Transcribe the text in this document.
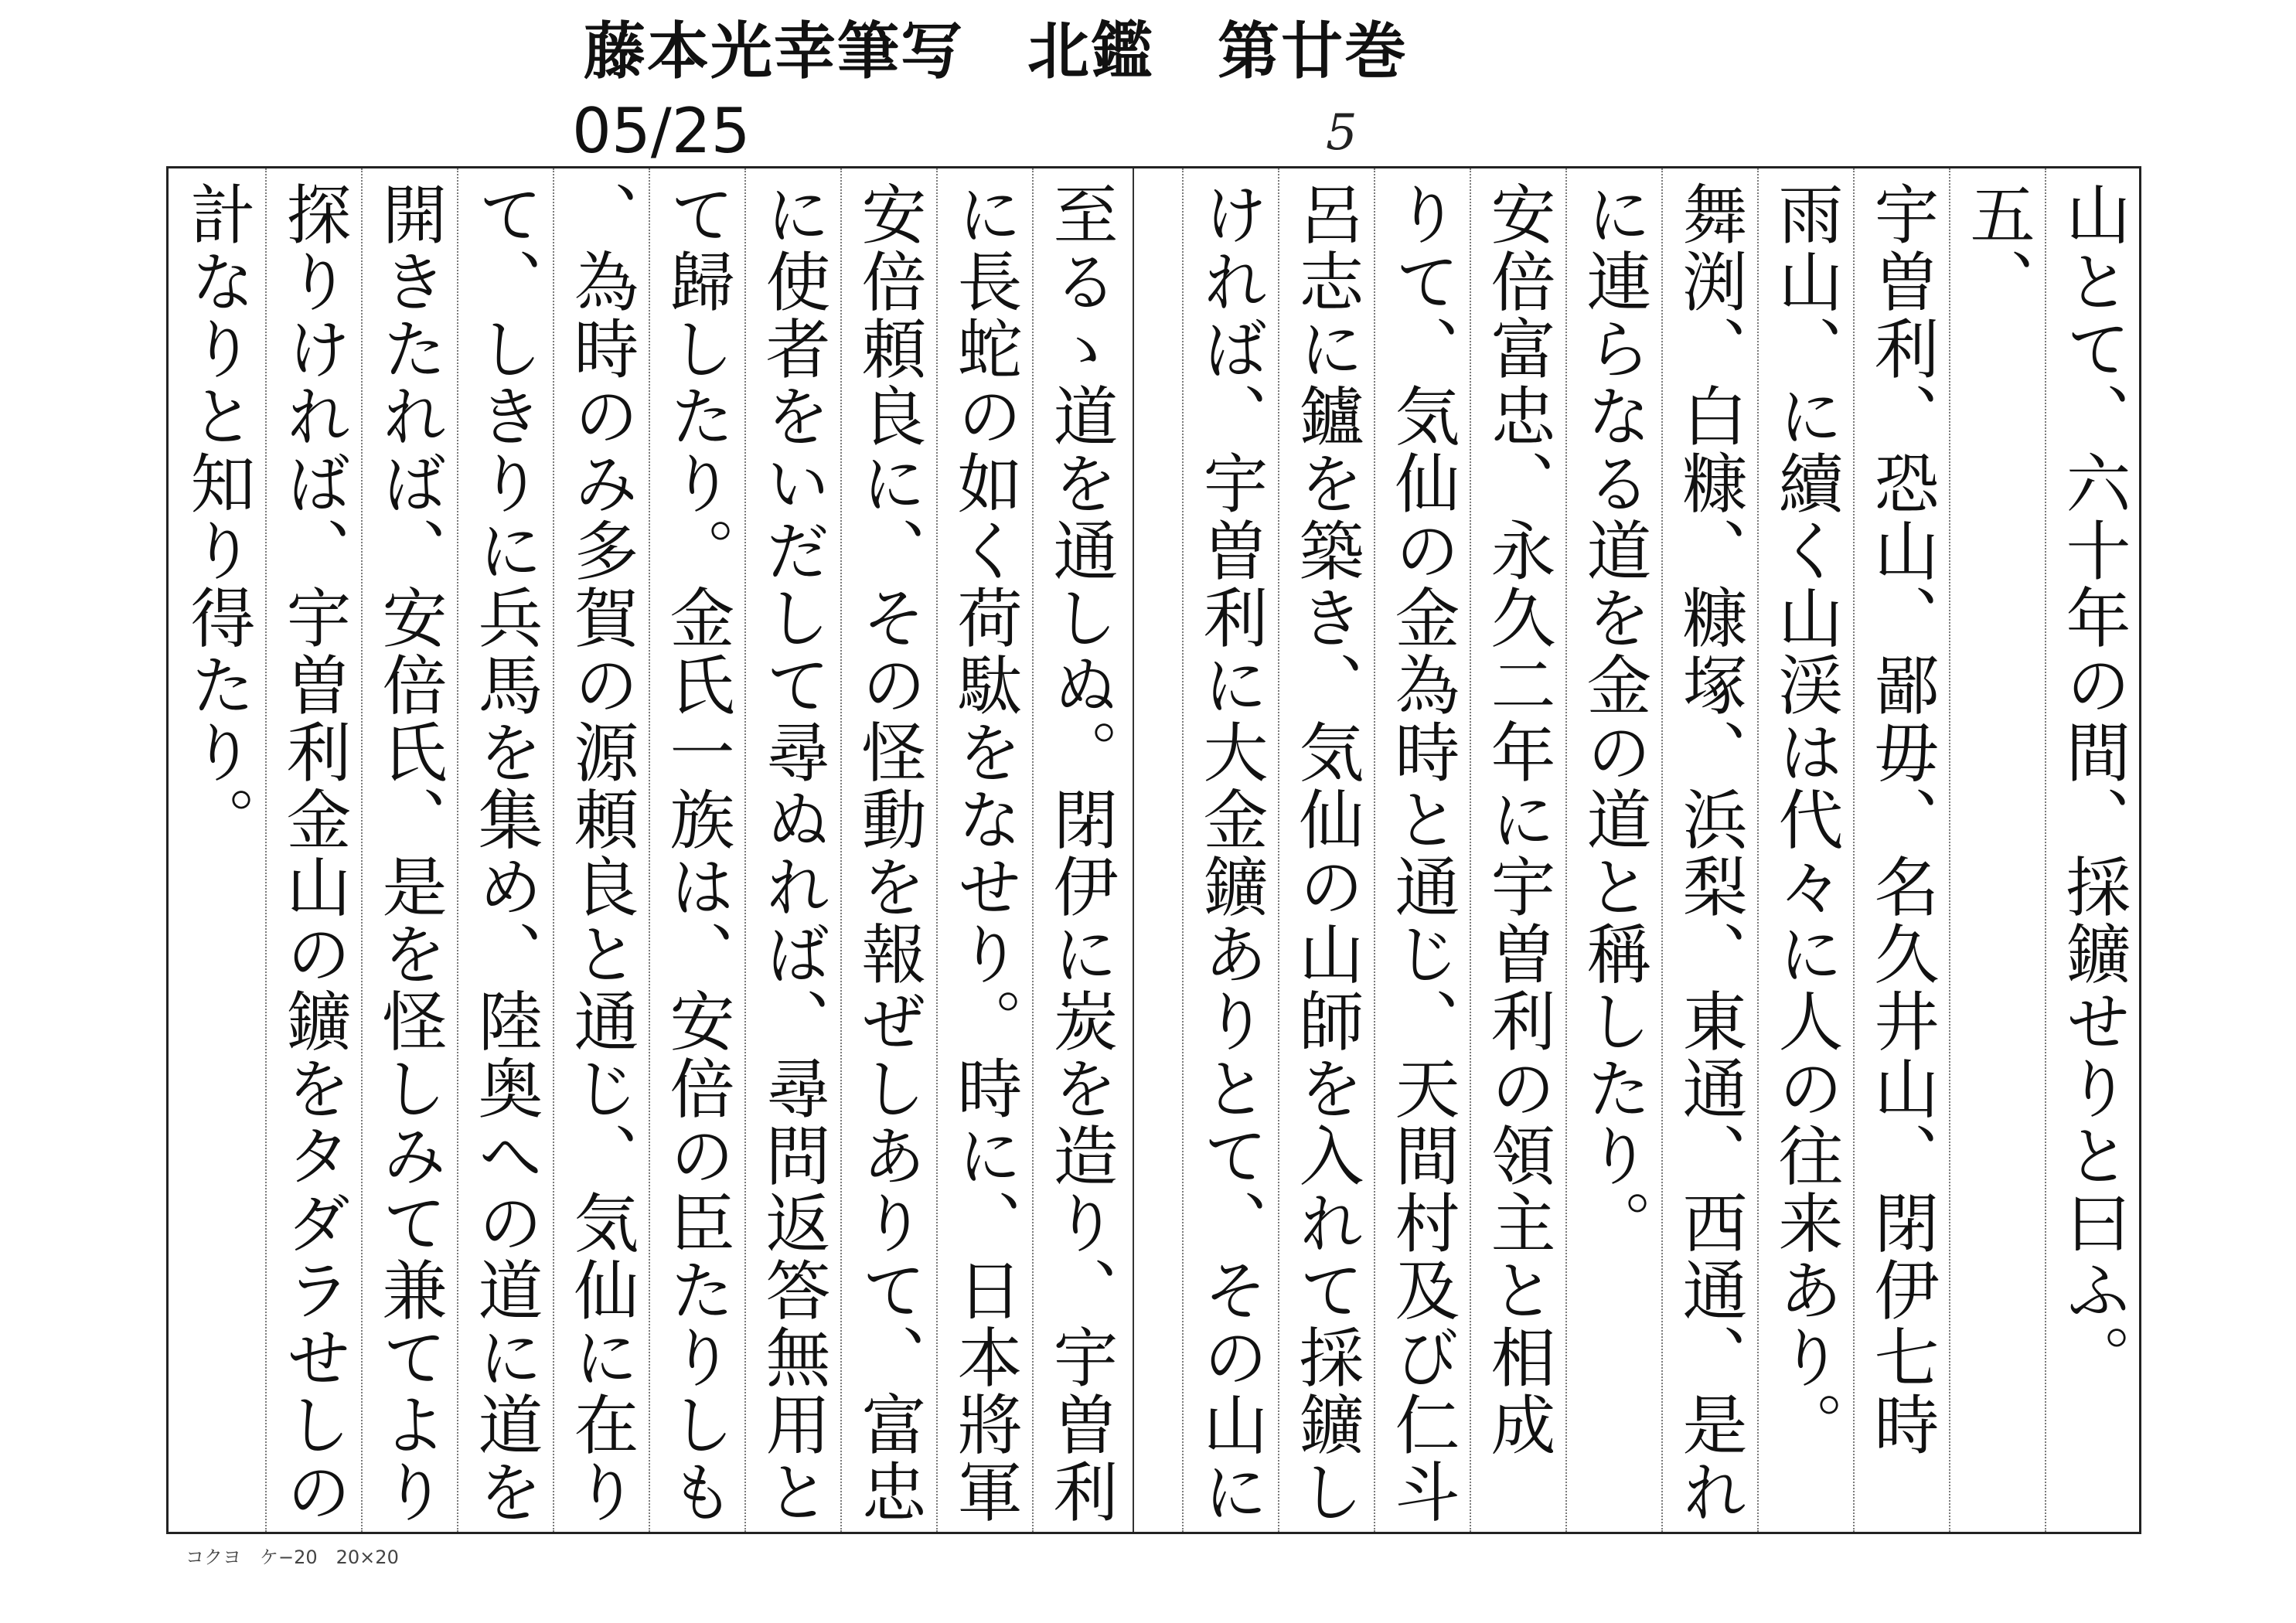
藤本光幸筆写　北鑑　第廿巻
05/25	5
山とて、六十年の間、採鑛せりと曰ふ。
五、
宇曽利、恐山、鄙毋、名久井山、閉伊七時
雨山、に續く山渓は代々に人の往来あり。
舞渕、白糠、糠塚、浜梨、東通、西通、是れ
に連らなる道を金の道と稱したり。
安倍富忠、永久二年に宇曽利の領主と相成
りて、気仙の金為時と通じ、天間村及び仁斗
呂志に鑪を築き、気仙の山師を入れて採鑛し
ければ、宇曽利に大金鑛ありとて、その山に
至るゝ道を通しぬ。閉伊に炭を造り、宇曽利
に長蛇の如く荷駄をなせり。時に、日本將軍
安倍頼良に、その怪動を報ぜしありて、富忠
に使者をいだして尋ぬれば、尋問返答無用と
て歸したり。金氏一族は、安倍の臣たりしも
、為時のみ多賀の源頼良と通じ、気仙に在り
て、しきりに兵馬を集め、陸奥への道に道を
開きたれば、安倍氏、是を怪しみて兼てより
探りければ、宇曽利金山の鑛をタダラせしの
計なりと知り得たり。
コクヨ　ケ−20　20×20
